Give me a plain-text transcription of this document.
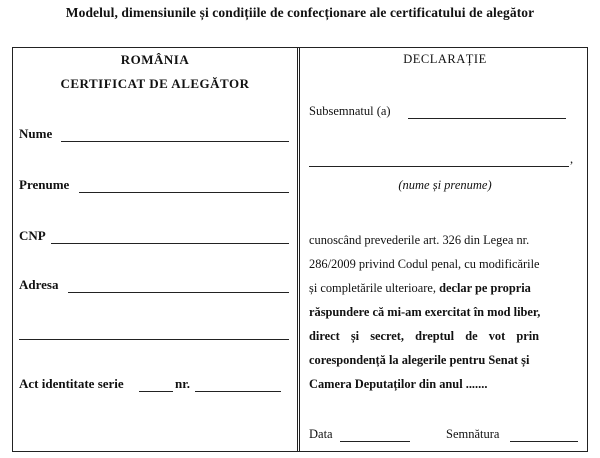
Modelul, dimensiunile și condițiile de confecționare ale certificatului de alegător
ROMÂNIA
CERTIFICAT DE ALEGĂTOR
Nume
Prenume
CNP
Adresa
Act identitate serie	nr.
DECLARAȚIE
Subsemnatul (a)
,
(nume și prenume)
cunoscând prevederile art. 326 din Legea nr.
286/2009 privind Codul penal, cu modificările
și completările ulterioare, declar pe propria
răspundere că mi-am exercitat în mod liber,
direct și secret, dreptul de vot prin
corespondență la alegerile pentru Senat și
Camera Deputaților din anul .......
Data	Semnătura
